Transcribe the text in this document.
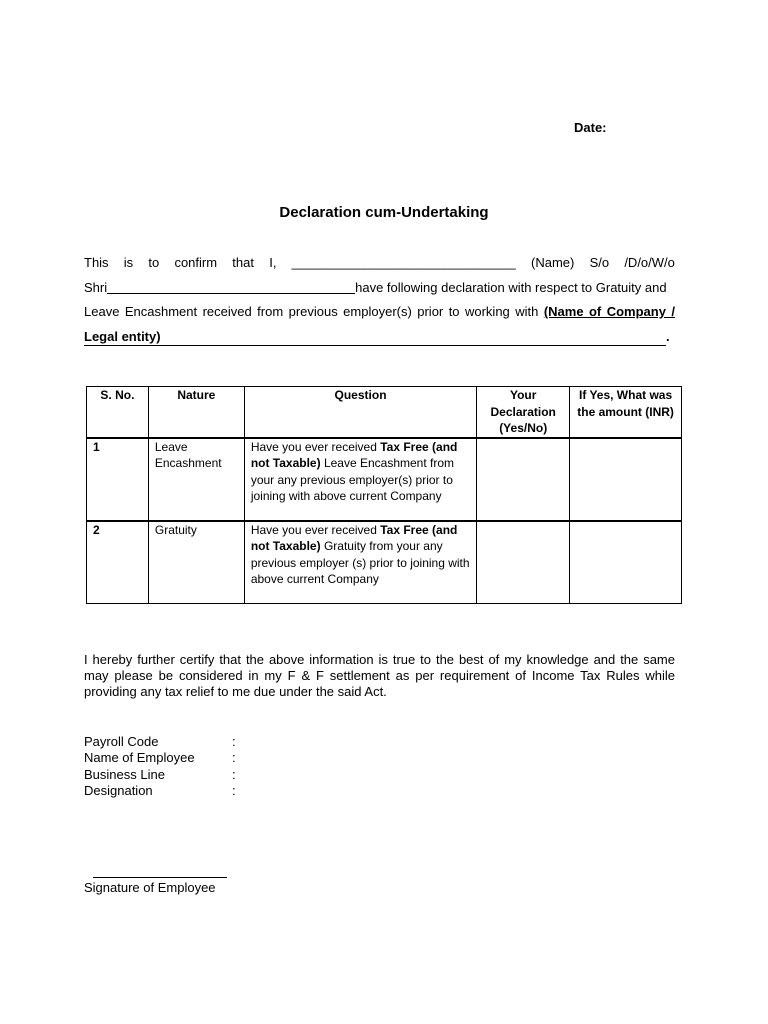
Date:
Declaration cum-Undertaking
This is to confirm that I, _______________________________ (Name) S/o /D/o/W/o
Shri	have following declaration with respect to Gratuity and
Leave Encashment received from previous employer(s) prior to working with (Name of Company /
Legal entity)	.
S. No.	Nature	Question	Your Declaration (Yes/No)	If Yes, What was the amount (INR)
1	Leave Encashment	Have you ever received Tax Free (and not Taxable) Leave Encashment from your any previous employer(s) prior to joining with above current Company		
2	Gratuity	Have you ever received Tax Free (and not Taxable) Gratuity from your any previous employer (s) prior to joining with above current Company		
I hereby further certify that the above information is true to the best of my knowledge and the same may please be considered in my F & F settlement as per requirement of Income Tax Rules while providing any tax relief to me due under the said Act.
Payroll Code	:
Name of Employee	:
Business Line	:
Designation	:
Signature of Employee
